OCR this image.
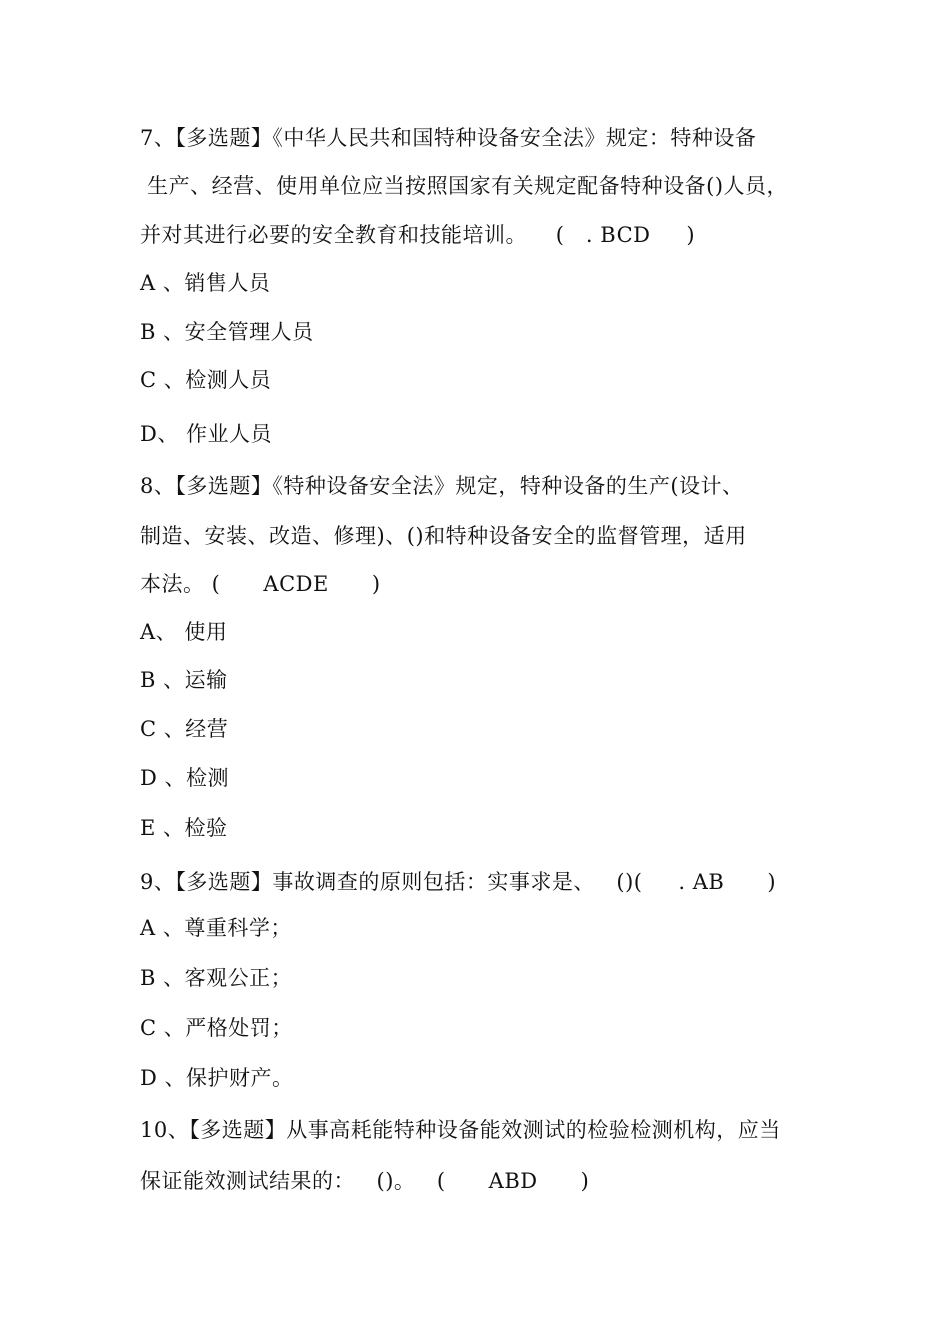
7、【多选题】《中华人民共和国特种设备安全法》规定：特种设备
生产、经营、使用单位应当按照国家有关规定配备特种设备()人员，
并对其进行必要的安全教育和技能培训。    (   . BCD     )
A 、销售人员
B 、安全管理人员
C 、检测人员
D、 作业人员
8、【多选题】《特种设备安全法》规定，特种设备的生产(设计、
制造、安装、改造、修理)、()和特种设备安全的监督管理，适用
本法。 (      ACDE      )
A、 使用
B 、运输
C 、经营
D 、检测
E 、检验
9、【多选题】事故调查的原则包括：实事求是、   ()(     . AB      )
A 、尊重科学；
B 、客观公正；
C 、严格处罚；
D 、保护财产。
10、【多选题】从事高耗能特种设备能效测试的检验检测机构，应当
保证能效测试结果的：   ()。   (      ABD      )
